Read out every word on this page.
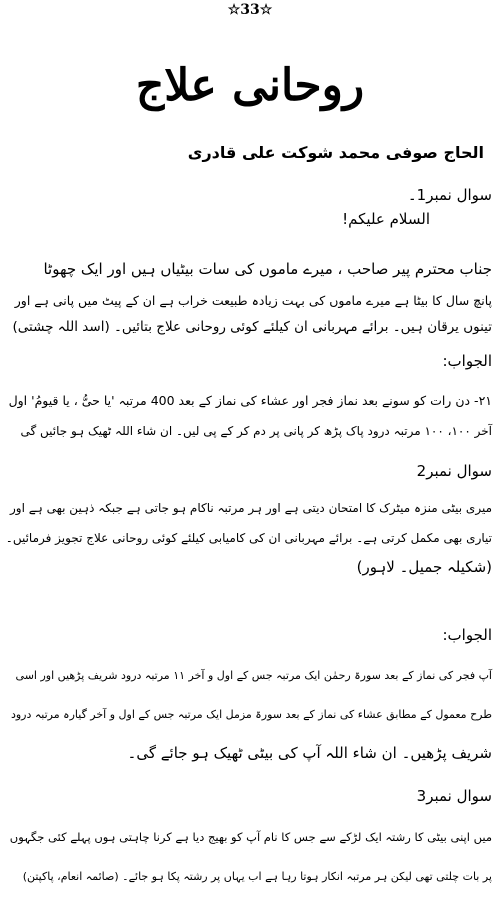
☆33☆
روحانی علاج
الحاج صوفی محمد شوکت علی قادری
سوال نمبر1۔
السلام علیکم!
جناب محترم پیر صاحب ، میرے ماموں کی سات بیٹیاں ہیں اور ایک چھوٹا
پانچ سال کا بیٹا ہے میرے ماموں کی بہت زیادہ طبیعت خراب ہے ان کے پیٹ میں پانی ہے اور
تینوں یرقان ہیں۔ برائے مہربانی ان کیلئے کوئی روحانی علاج بتائیں۔ (اسد اللہ چشتی)
الجواب:
۲۱- دن رات کو سونے بعد نماز فجر اور عشاء کی نماز کے بعد 400 مرتبہ 'یا حیُّ ، یا قیومُ' اول
آخر ۱۰۰، ۱۰۰ مرتبہ درود پاک پڑھ کر پانی پر دم کر کے پی لیں۔ ان شاء اللہ ٹھیک ہو جائیں گی
سوال نمبر2
میری بیٹی منزہ میٹرک کا امتحان دیتی ہے اور ہر مرتبہ ناکام ہو جاتی ہے جبکہ ذہین بھی ہے اور
تیاری بھی مکمل کرتی ہے۔ برائے مہربانی ان کی کامیابی کیلئے کوئی روحانی علاج تجویز فرمائیں۔
(شکیلہ جمیل۔ لاہور)
الجواب:
آپ فجر کی نماز کے بعد سورۃ رحمٰن ایک مرتبہ جس کے اول و آخر ۱۱ مرتبہ درود شریف پڑھیں اور اسی
طرح معمول کے مطابق عشاء کی نماز کے بعد سورۃ مزمل ایک مرتبہ جس کے اول و آخر گیارہ مرتبہ درود
شریف پڑھیں۔ ان شاء اللہ آپ کی بیٹی ٹھیک ہو جائے گی۔
سوال نمبر3
میں اپنی بیٹی کا رشتہ ایک لڑکے سے جس کا نام آپ کو بھیج دیا ہے کرنا چاہتی ہوں پہلے کئی جگہوں
پر بات چلتی تھی لیکن ہر مرتبہ انکار ہوتا رہا ہے اب یہاں پر رشتہ پکا ہو جائے۔ (صائمہ انعام، پاکپتن)
